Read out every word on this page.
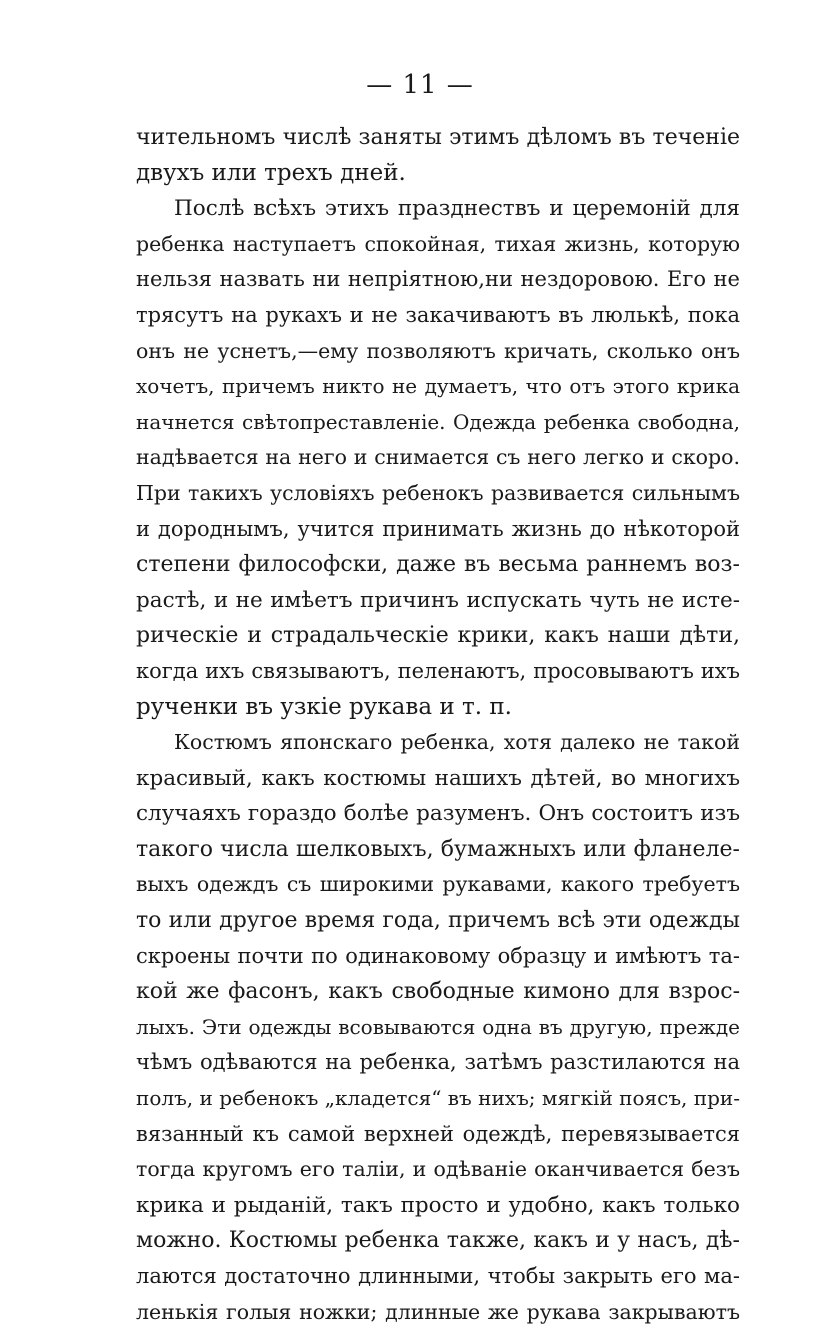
— 11 —
чительномъ числѣ заняты этимъ дѣломъ въ теченіе
двухъ или трехъ дней.
Послѣ всѣхъ этихъ празднествъ и церемоній для
ребенка наступаетъ спокойная, тихая жизнь, которую
нельзя назвать ни непріятною,ни нездоровою. Его не
трясутъ на рукахъ и не закачиваютъ въ люлькѣ, пока
онъ не уснетъ,—ему позволяютъ кричать, сколько онъ
хочетъ, причемъ никто не думаетъ, что отъ этого крика
начнется свѣтопреставленіе. Одежда ребенка свободна,
надѣвается на него и снимается съ него легко и скоро.
При такихъ условіяхъ ребенокъ развивается сильнымъ
и дороднымъ, учится принимать жизнь до нѣкоторой
степени философски, даже въ весьма раннемъ воз-
растѣ, и не имѣетъ причинъ испускать чуть не истe-
рическіе и страдальческіе крики, какъ наши дѣти,
когда ихъ связываютъ, пеленаютъ, просовываютъ ихъ
рученки въ узкіе рукава и т. п.
Костюмъ японскаго ребенка, хотя далеко не такой
красивый, какъ костюмы нашихъ дѣтей, во многихъ
случаяхъ гораздо болѣе разуменъ. Онъ состоитъ изъ
такого числа шелковыхъ, бумажныхъ или фланеле-
выхъ одеждъ съ широкими рукавами, какого требуетъ
то или другое время года, причемъ всѣ эти одежды
скроены почти по одинаковому образцу и имѣютъ та-
кой же фасонъ, какъ свободные кимоно для взрос-
лыхъ. Эти одежды всовываются одна въ другую, прежде
чѣмъ одѣваются на ребенка, затѣмъ разстилаются на
полъ, и ребенокъ „кладется“ въ нихъ; мягкій поясъ, при-
вязанный къ самой верхней одеждѣ, перевязывается
тогда кругомъ его таліи, и одѣваніе оканчивается безъ
крика и рыданій, такъ просто и удобно, какъ только
можно. Костюмы ребенка также, какъ и у насъ, дѣ-
лаются достаточно длинными, чтобы закрыть его ма-
ленькія голыя ножки; длинные же рукава закрываютъ
